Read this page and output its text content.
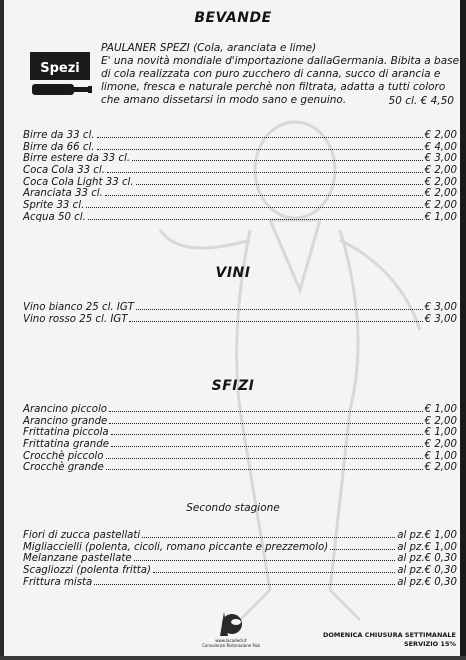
BEVANDE
Spezi
PAULANER SPEZI (Cola, aranciata e lime)
E' una novità mondiale d'importazione dallaGermania. Bibita a base
di cola realizzata con puro zucchero di canna, succo di arancia e
limone, fresca e naturale perchè non filtrata, adatta a tutti coloro
che amano dissetarsi in modo sano e genuino.	50 cl. € 4,50
Birre da 33 cl.	€ 2,00
Birre da 66 cl.	€ 4,00
Birre estere da 33 cl.	€ 3,00
Coca Cola 33 cl.	€ 2,00
Coca Cola Light 33 cl.	€ 2,00
Aranciata 33 cl.	€ 2,00
Sprite 33 cl.	€ 2,00
Acqua 50 cl.	€ 1,00
VINI
Vino bianco 25 cl. IGT	€ 3,00
Vino rosso 25 cl. IGT	€ 3,00
SFIZI
Arancino piccolo	€ 1,00
Arancino grande	€ 2,00
Frittatina piccola	€ 1,00
Frittatina grande	€ 2,00
Crocchè piccolo	€ 1,00
Crocchè grande	€ 2,00
Secondo stagione
Fiori di zucca pastellati	al pz.€ 1,00
Migliaccielli (polenta, cicoli, romano piccante e prezzemolo)	al pz.€ 1,00
Melanzane pastellate	al pz.€ 0,30
Scagliozzi (polenta fritta)	al pz.€ 0,30
Frittura mista	al pz.€ 0,30
www.lacadedi.it
Consulenze Ristorazione Pub
DOMENICA CHIUSURA SETTIMANALE
SERVIZIO 15%
